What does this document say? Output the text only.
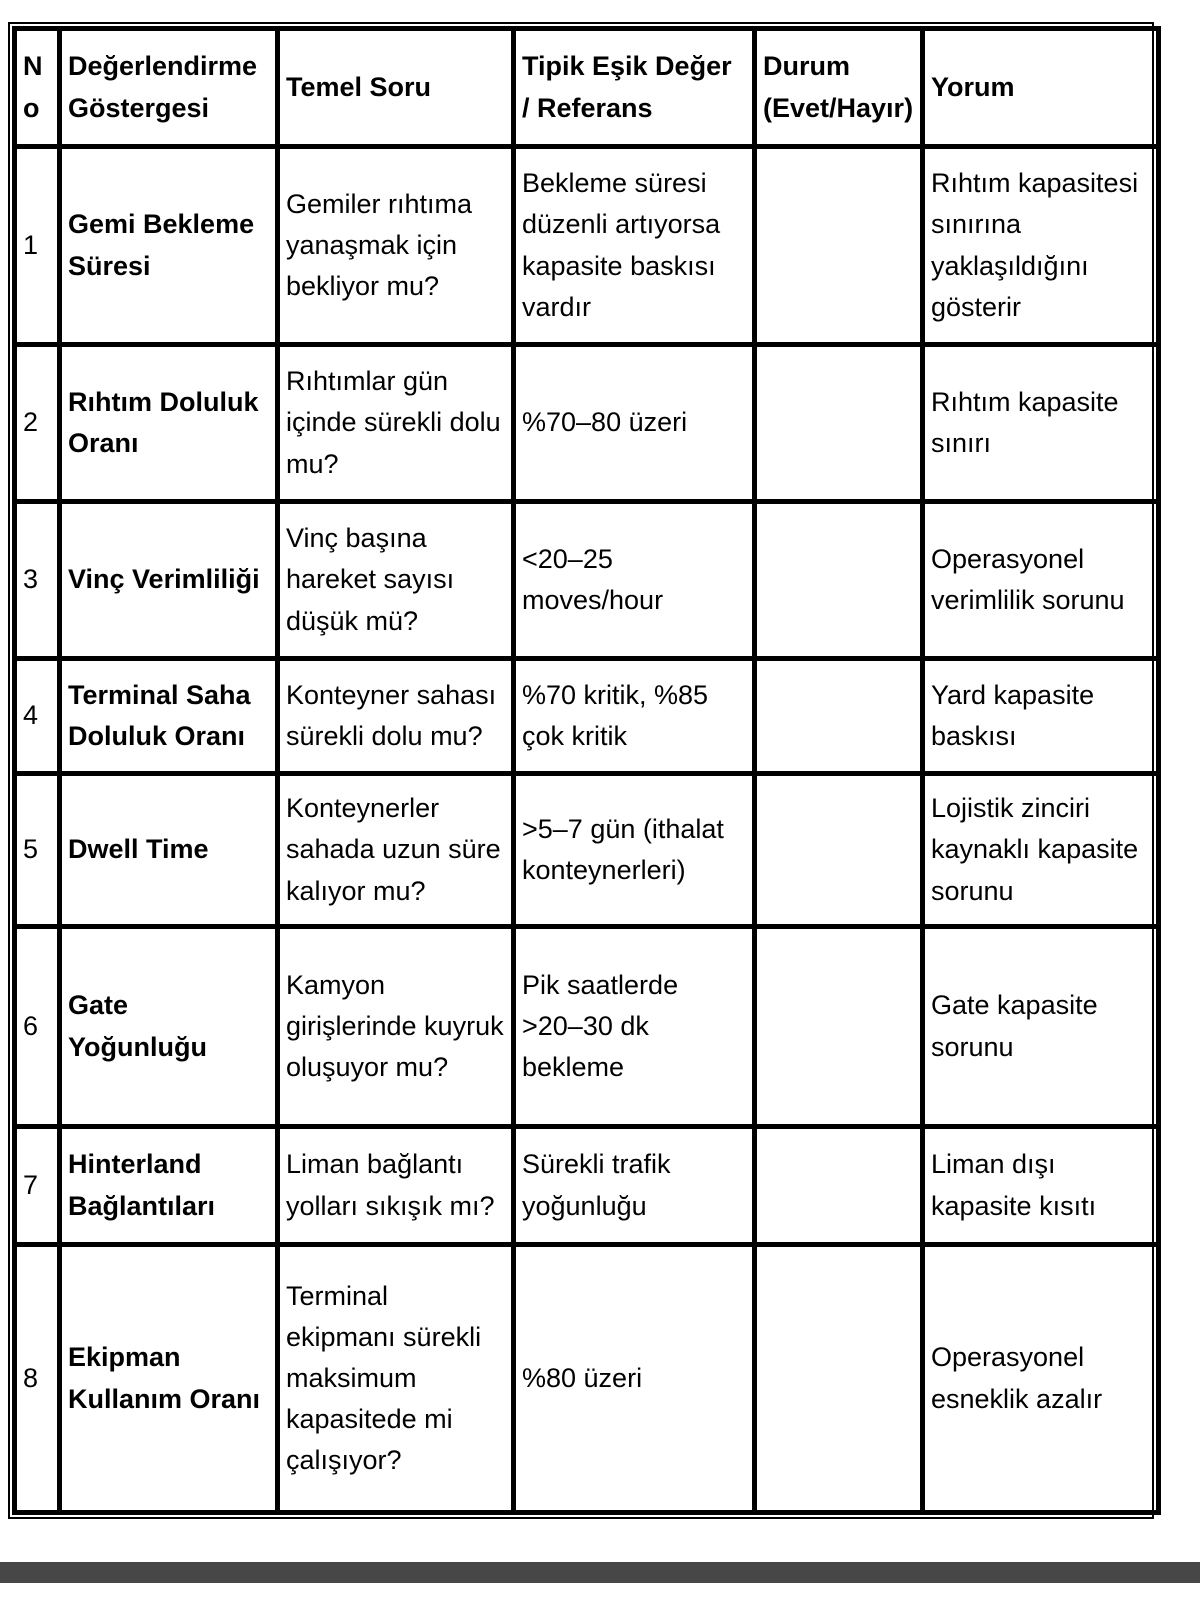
No	Değerlendirme Göstergesi	Temel Soru	Tipik Eşik Değer / Referans	Durum (Evet/Hayır)	Yorum
1	Gemi Bekleme Süresi	Gemiler rıhtıma yanaşmak için bekliyor mu?	Bekleme süresi düzenli artıyorsa kapasite baskısı vardır		Rıhtım kapasitesi sınırına yaklaşıldığını gösterir
2	Rıhtım Doluluk Oranı	Rıhtımlar gün içinde sürekli dolu mu?	%70–80 üzeri		Rıhtım kapasite sınırı
3	Vinç Verimliliği	Vinç başına hareket sayısı düşük mü?	<20–25 moves/hour		Operasyonel verimlilik sorunu
4	Terminal Saha Doluluk Oranı	Konteyner sahası sürekli dolu mu?	%70 kritik, %85 çok kritik		Yard kapasite baskısı
5	Dwell Time	Konteynerler sahada uzun süre kalıyor mu?	>5–7 gün (ithalat konteynerleri)		Lojistik zinciri kaynaklı kapasite sorunu
6	Gate Yoğunluğu	Kamyon girişlerinde kuyruk oluşuyor mu?	Pik saatlerde >20–30 dk bekleme		Gate kapasite sorunu
7	Hinterland Bağlantıları	Liman bağlantı yolları sıkışık mı?	Sürekli trafik yoğunluğu		Liman dışı kapasite kısıtı
8	Ekipman Kullanım Oranı	Terminal ekipmanı sürekli maksimum kapasitede mi çalışıyor?	%80 üzeri		Operasyonel esneklik azalır
